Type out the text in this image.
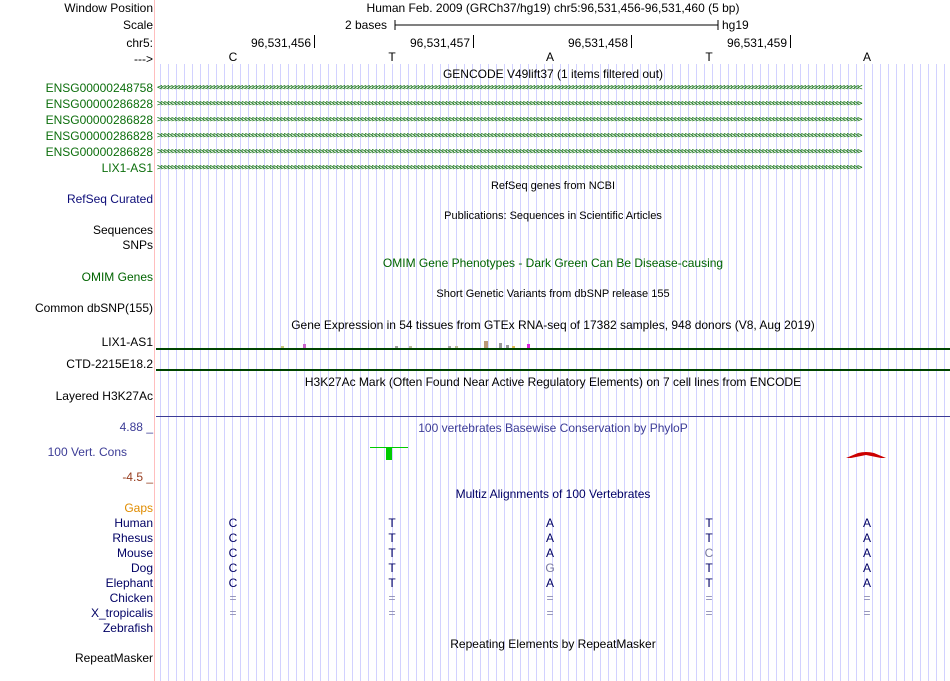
Window Position	Human Feb. 2009 (GRCh37/hg19) chr5:96,531,456-96,531,460 (5 bp)
Scale	2 bases	hg19
chr5:	96,531,456	96,531,457	96,531,458	96,531,459
--->	C	T	A	T	A
GENCODE V49lift37 (1 items filtered out)
ENSG00000248758 <<<<<<<<<<<<<<<<<<<<<<<<<<<<<<<<<<<<<<<<<<<<<<<<<<<<<<<<<<<<<<<<<<<<<<<<<<<<<<<<<<<<<<<<<<<<<<<<<<<<<<<<<<<<<<<<<<<<<<<<<<<<<<<<<<<<<<<<<<<<<<<<<<<<<<<<<<<<<<<<<<<<<<<<<<<<<<<<<<<<<<<<<<<<<<<<<<<<<<<<
ENSG00000286828 >>>>>>>>>>>>>>>>>>>>>>>>>>>>>>>>>>>>>>>>>>>>>>>>>>>>>>>>>>>>>>>>>>>>>>>>>>>>>>>>>>>>>>>>>>>>>>>>>>>>>>>>>>>>>>>>>>>>>>>>>>>>>>>>>>>>>>>>>>>>>>>>>>>>>>>>>>>>>>>>>>>>>>>>>>>>>>>>>>>>>>>>>>>>>>>>>>>>>>>>
ENSG00000286828 >>>>>>>>>>>>>>>>>>>>>>>>>>>>>>>>>>>>>>>>>>>>>>>>>>>>>>>>>>>>>>>>>>>>>>>>>>>>>>>>>>>>>>>>>>>>>>>>>>>>>>>>>>>>>>>>>>>>>>>>>>>>>>>>>>>>>>>>>>>>>>>>>>>>>>>>>>>>>>>>>>>>>>>>>>>>>>>>>>>>>>>>>>>>>>>>>>>>>>>>
ENSG00000286828 >>>>>>>>>>>>>>>>>>>>>>>>>>>>>>>>>>>>>>>>>>>>>>>>>>>>>>>>>>>>>>>>>>>>>>>>>>>>>>>>>>>>>>>>>>>>>>>>>>>>>>>>>>>>>>>>>>>>>>>>>>>>>>>>>>>>>>>>>>>>>>>>>>>>>>>>>>>>>>>>>>>>>>>>>>>>>>>>>>>>>>>>>>>>>>>>>>>>>>>>
ENSG00000286828 >>>>>>>>>>>>>>>>>>>>>>>>>>>>>>>>>>>>>>>>>>>>>>>>>>>>>>>>>>>>>>>>>>>>>>>>>>>>>>>>>>>>>>>>>>>>>>>>>>>>>>>>>>>>>>>>>>>>>>>>>>>>>>>>>>>>>>>>>>>>>>>>>>>>>>>>>>>>>>>>>>>>>>>>>>>>>>>>>>>>>>>>>>>>>>>>>>>>>>>>
LIX1-AS1 >>>>>>>>>>>>>>>>>>>>>>>>>>>>>>>>>>>>>>>>>>>>>>>>>>>>>>>>>>>>>>>>>>>>>>>>>>>>>>>>>>>>>>>>>>>>>>>>>>>>>>>>>>>>>>>>>>>>>>>>>>>>>>>>>>>>>>>>>>>>>>>>>>>>>>>>>>>>>>>>>>>>>>>>>>>>>>>>>>>>>>>>>>>>>>>>>>>>>>>>
RefSeq genes from NCBI
RefSeq Curated
Publications: Sequences in Scientific Articles
Sequences
SNPs
OMIM Gene Phenotypes - Dark Green Can Be Disease-causing
OMIM Genes
Short Genetic Variants from dbSNP release 155
Common dbSNP(155)
Gene Expression in 54 tissues from GTEx RNA-seq of 17382 samples, 948 donors (V8, Aug 2019)
LIX1-AS1
CTD-2215E18.2
H3K27Ac Mark (Often Found Near Active Regulatory Elements) on 7 cell lines from ENCODE
Layered H3K27Ac
4.88 _	100 vertebrates Basewise Conservation by PhyloP
100 Vert. Cons
-4.5 _
Multiz Alignments of 100 Vertebrates
Gaps
Human	C	T	A	T	A
Rhesus	C	T	A	T	A
Mouse	C	T	A	C	A
Dog	C	T	G	T	A
Elephant	C	T	A	T	A
Chicken	=	=	=	=	=
X_tropicalis	=	=	=	=	=
Zebrafish
Repeating Elements by RepeatMasker
RepeatMasker
